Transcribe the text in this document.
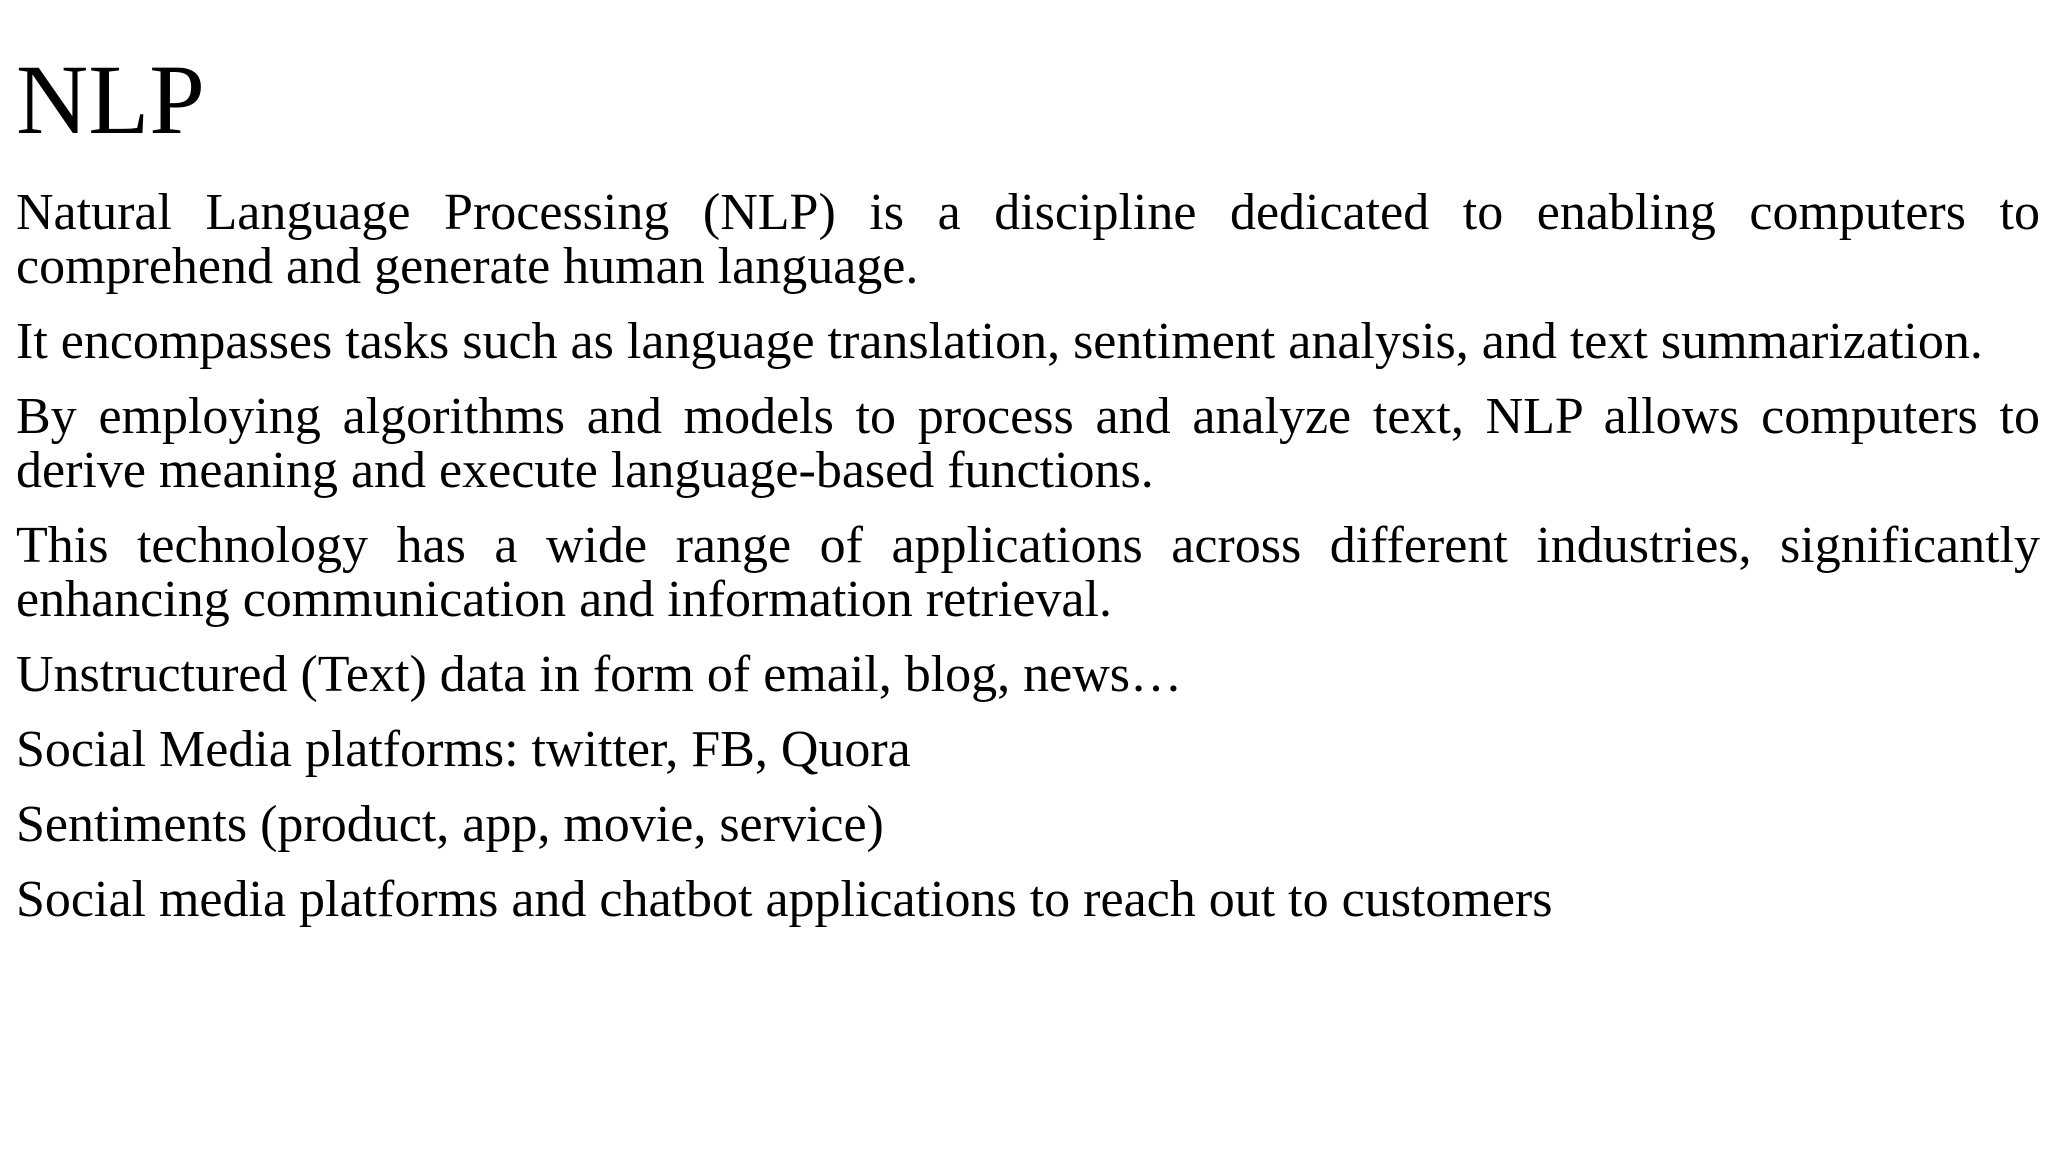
NLP

Natural Language Processing (NLP) is a discipline dedicated to enabling computers to comprehend and generate human language.

It encompasses tasks such as language translation, sentiment analysis, and text summarization.

By employing algorithms and models to process and analyze text, NLP allows computers to derive meaning and execute language-based functions.

This technology has a wide range of applications across different industries, significantly enhancing communication and information retrieval.

Unstructured (Text) data in form of email, blog, news…

Social Media platforms: twitter, FB, Quora

Sentiments (product, app, movie, service)

Social media platforms and chatbot applications to reach out to customers
